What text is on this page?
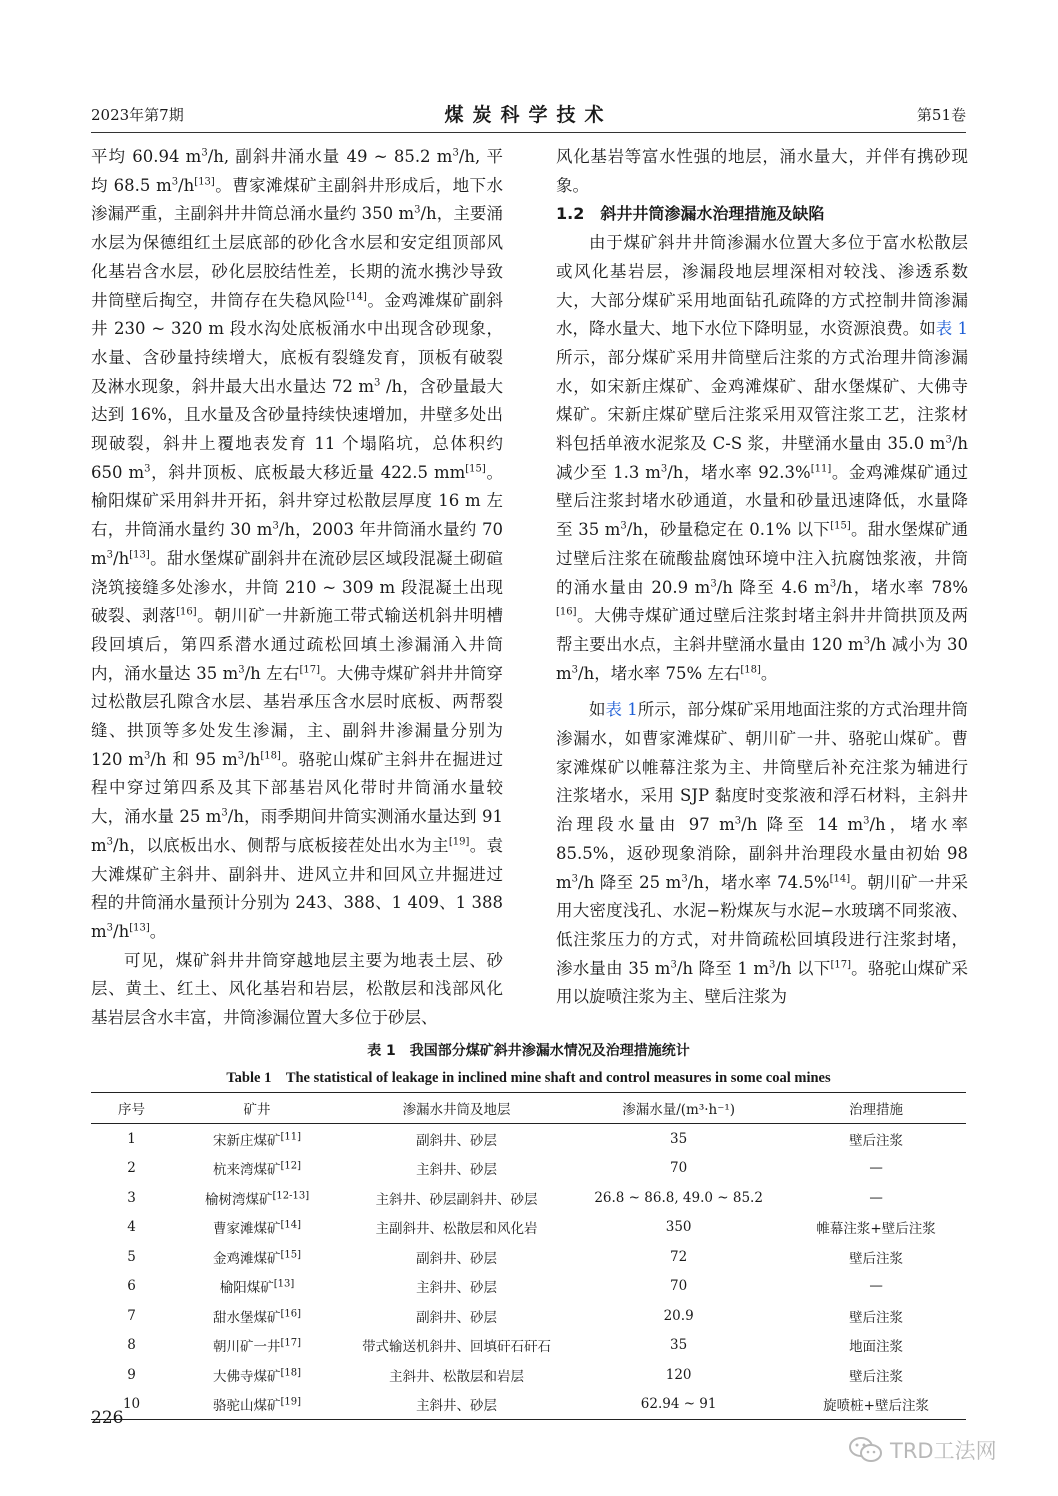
2023年第7期	煤炭科学技术	第51卷

平均 60.94 $m^3/h$, 副斜井涌水量 49 ~ 85.2 $m^3/h$, 平均 68.5 $m^3/h[13]$。曹家滩煤矿主副斜井形成后，地下水渗漏严重，主副斜井井筒总涌水量约 350 $m^3/h$，主要涌水层为保德组红土层底部的砂化含水层和安定组顶部风化基岩含水层，砂化层胶结性差，长期的流水携沙导致井筒壁后掏空，井筒存在失稳风险[14]。金鸡滩煤矿副斜井 230 ~ 320 m 段水沟处底板涌水中出现含砂现象，水量、含砂量持续增大，底板有裂缝发育，顶板有破裂及淋水现象，斜井最大出水量达 72 $m^3$ /h，含砂量最大达到 16%，且水量及含砂量持续快速增加，井壁多处出现破裂，斜井上覆地表发育 11 个塌陷坑，总体积约 650 $m^3$，斜井顶板、底板最大移近量 422.5 mm[15]。榆阳煤矿采用斜井开拓，斜井穿过松散层厚度 16 m 左右，井筒涌水量约 30 $m^3/h$，2003 年井筒涌水量约 70 $m^3/h[13]$。甜水堡煤矿副斜井在流砂层区域段混凝土砌碹浇筑接缝多处渗水，井筒 210 ~ 309 m 段混凝土出现破裂、剥落[16]。朝川矿一井新施工带式输送机斜井明槽段回填后，第四系潜水通过疏松回填土渗漏涌入井筒内，涌水量达 35 $m^3/h$ 左右[17]。大佛寺煤矿斜井井筒穿过松散层孔隙含水层、基岩承压含水层时底板、两帮裂缝、拱顶等多处发生渗漏，主、副斜井渗漏量分别为 120 $m^3/h$ 和 95 $m^3/h[18]$。骆驼山煤矿主斜井在掘进过程中穿过第四系及其下部基岩风化带时井筒涌水量较大，涌水量 25 $m^3/h$，雨季期间井筒实测涌水量达到 91 $m^3/h$，以底板出水、侧帮与底板接茬处出水为主[19]。袁大滩煤矿主斜井、副斜井、进风立井和回风立井掘进过程的井筒涌水量预计分别为 243、388、1 409、1 388 $m^3/h[13]$。

可见，煤矿斜井井筒穿越地层主要为地表土层、砂层、黄土、红土、风化基岩和岩层，松散层和浅部风化基岩层含水丰富，井筒渗漏位置大多位于砂层、

风化基岩等富水性强的地层，涌水量大，并伴有携砂现象。

1.2　斜井井筒渗漏水治理措施及缺陷

由于煤矿斜井井筒渗漏水位置大多位于富水松散层或风化基岩层，渗漏段地层埋深相对较浅、渗透系数大，大部分煤矿采用地面钻孔疏降的方式控制井筒渗漏水，降水量大、地下水位下降明显，水资源浪费。如表 1所示，部分煤矿采用井筒壁后注浆的方式治理井筒渗漏水，如宋新庄煤矿、金鸡滩煤矿、甜水堡煤矿、大佛寺煤矿。宋新庄煤矿壁后注浆采用双管注浆工艺，注浆材料包括单液水泥浆及 C-S 浆，井壁涌水量由 35.0 $m^3/h$ 减少至 1.3 $m^3/h$，堵水率 92.3%[11]。金鸡滩煤矿通过壁后注浆封堵水砂通道，水量和砂量迅速降低，水量降至 35 $m^3/h$，砂量稳定在 0.1% 以下[15]。甜水堡煤矿通过壁后注浆在硫酸盐腐蚀环境中注入抗腐蚀浆液，井筒的涌水量由 20.9 $m^3/h$ 降至 4.6 $m^3/h$，堵水率 78%[16]。大佛寺煤矿通过壁后注浆封堵主斜井井筒拱顶及两帮主要出水点，主斜井壁涌水量由 120 $m^3/h$ 减小为 30 $m^3/h$，堵水率 75% 左右[18]。

如表 1所示，部分煤矿采用地面注浆的方式治理井筒渗漏水，如曹家滩煤矿、朝川矿一井、骆驼山煤矿。曹家滩煤矿以帷幕注浆为主、井筒壁后补充注浆为辅进行注浆堵水，采用 SJP 黏度时变浆液和浮石材料，主斜井治理段水量由 97 $m^3/h$ 降至 14 $m^3/h$，堵水率 85.5%，返砂现象消除，副斜井治理段水量由初始 98 $m^3/h$ 降至 25 $m^3/h$，堵水率 74.5%[14]。朝川矿一井采用大密度浅孔、水泥−粉煤灰与水泥−水玻璃不同浆液、低注浆压力的方式，对井筒疏松回填段进行注浆封堵，渗水量由 35 $m^3/h$ 降至 1 $m^3/h$ 以下[17]。骆驼山煤矿采用以旋喷注浆为主、壁后注浆为

表 1　我国部分煤矿斜井渗漏水情况及治理措施统计
Table 1　The statistical of leakage in inclined mine shaft and control measures in some coal mines
序号	矿井	渗漏水井筒及地层	渗漏水量/(m³·h⁻¹)	治理措施
1	宋新庄煤矿[11]	副斜井、砂层	35	壁后注浆
2	杭来湾煤矿[12]	主斜井、砂层	70	—
3	榆树湾煤矿[12-13]	主斜井、砂层副斜井、砂层	26.8 ~ 86.8, 49.0 ~ 85.2	—
4	曹家滩煤矿[14]	主副斜井、松散层和风化岩	350	帷幕注浆+壁后注浆
5	金鸡滩煤矿[15]	副斜井、砂层	72	壁后注浆
6	榆阳煤矿[13]	主斜井、砂层	70	—
7	甜水堡煤矿[16]	副斜井、砂层	20.9	壁后注浆
8	朝川矿一井[17]	带式输送机斜井、回填矸石矸石	35	地面注浆
9	大佛寺煤矿[18]	主斜井、松散层和岩层	120	壁后注浆
10	骆驼山煤矿[19]	主斜井、砂层	62.94 ~ 91	旋喷桩+壁后注浆
226
TRD工法网
